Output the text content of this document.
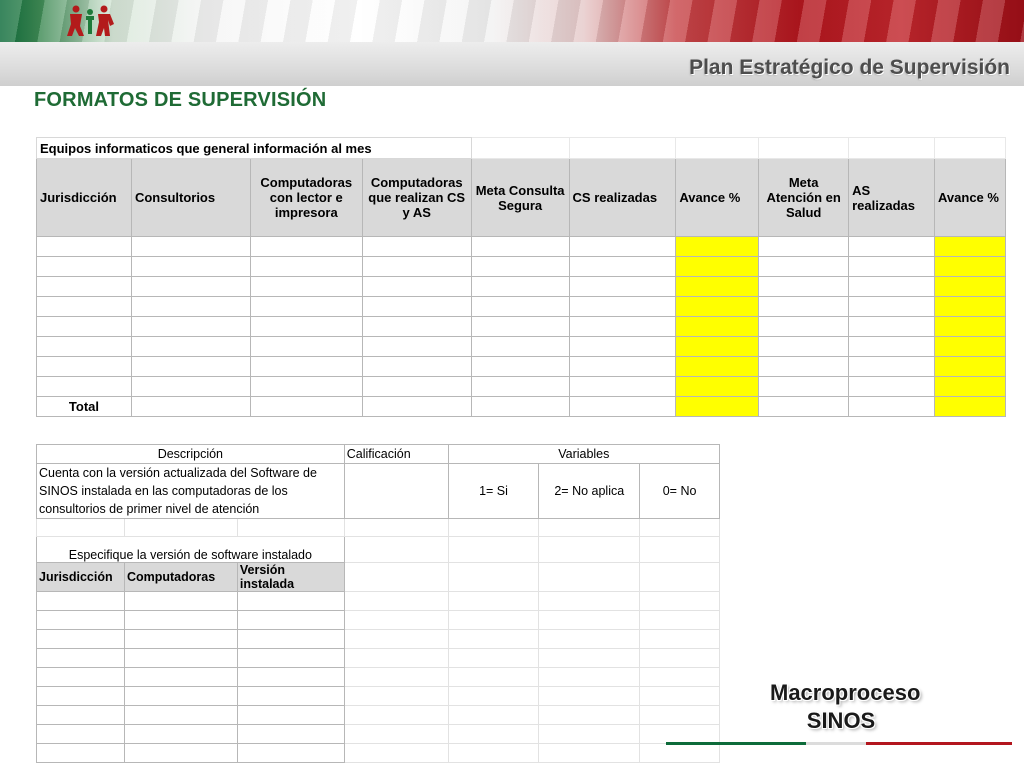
Plan Estratégico de Supervisión
FORMATOS DE SUPERVISIÓN
Equipos informaticos que general información al mes									
Jurisdicción	Consultorios	Computadoras con lector e impresora	Computadoras que realizan CS y AS	Meta Consulta Segura	CS realizadas	Avance %	Meta Atención en Salud	AS realizadas	Avance %

Total									
Descripción			Calificación	Variables		
Cuenta con la versión actualizada del Software de SINOS instalada en las computadoras de los consultorios de primer nivel de atención				1= Si	2= No aplica	0= No

Especifique la versión de software instalado						
Jurisdicción	Computadoras	Versión instalada				

Macroproceso
SINOS
